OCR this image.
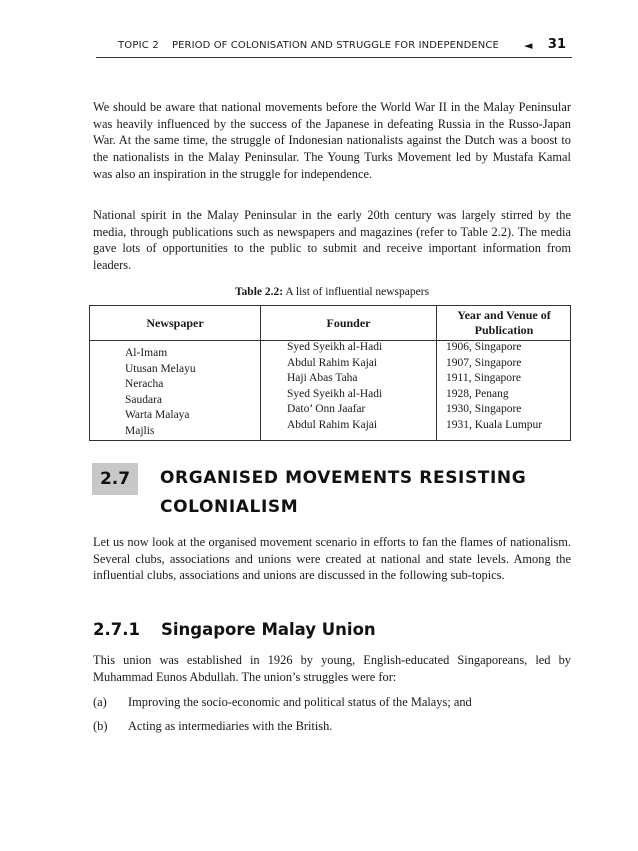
TOPIC 2 PERIOD OF COLONISATION AND STRUGGLE FOR INDEPENDENCE ◄ 31

We should be aware that national movements before the World War II in the Malay Peninsular was heavily influenced by the success of the Japanese in defeating Russia in the Russo-Japan War. At the same time, the struggle of Indonesian nationalists against the Dutch was a boost to the nationalists in the Malay Peninsular. The Young Turks Movement led by Mustafa Kamal was also an inspiration in the struggle for independence.

National spirit in the Malay Peninsular in the early 20th century was largely stirred by the media, through publications such as newspapers and magazines (refer to Table 2.2). The media gave lots of opportunities to the public to submit and receive important information from leaders.

Table 2.2: A list of influential newspapers
Newspaper	Founder
Year and Venue of Publication
Al-Imam
Utusan Melayu
Neracha
Saudara
Warta Malaya
Majlis
Syed Syeikh al-Hadi
Abdul Rahim Kajai
Haji Abas Taha
Syed Syeikh al-Hadi
Dato’ Onn Jaafar
Abdul Rahim Kajai
1906, Singapore
1907, Singapore
1911, Singapore
1928, Penang
1930, Singapore
1931, Kuala Lumpur
2.7	ORGANISED MOVEMENTS RESISTING
COLONIALISM

Let us now look at the organised movement scenario in efforts to fan the flames of nationalism. Several clubs, associations and unions were created at national and state levels. Among the influential clubs, associations and unions are discussed in the following sub-topics.

2.7.1 Singapore Malay Union

This union was established in 1926 by young, English-educated Singaporeans, led by Muhammad Eunos Abdullah. The union’s struggles were for:

(a) Improving the socio-economic and political status of the Malays; and
(b) Acting as intermediaries with the British.
